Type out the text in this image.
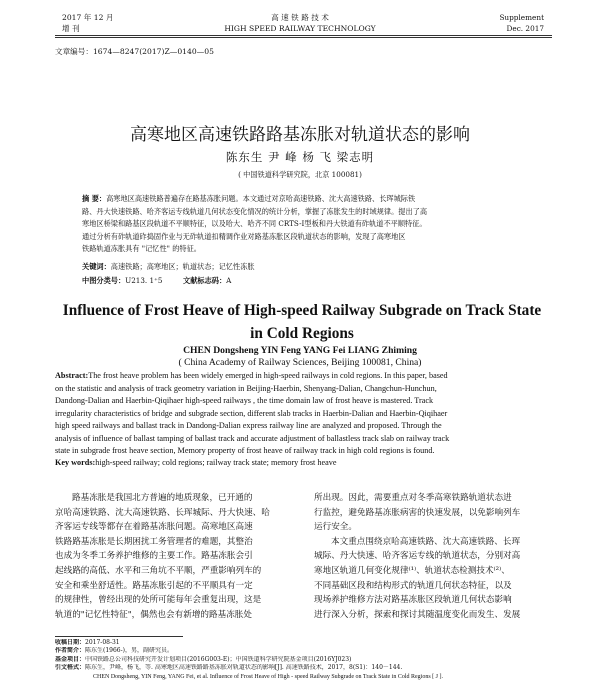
2017 年 12 月
增 刊
高 速 铁 路 技 术
HIGH SPEED RAILWAY TECHNOLOGY
Supplement
Dec. 2017
文章编号：1674—8247(2017)Z—0140—05
高寒地区高速铁路路基冻胀对轨道状态的影响
陈东生 尹 峰 杨 飞 梁志明
( 中国铁道科学研究院，北京 100081)
摘 要：高寒地区高速铁路普遍存在路基冻胀问题。本文通过对京哈高速铁路、沈大高速铁路、长珲城际铁
路、丹大快速铁路、哈齐客运专线轨道几何状态变化情况的统计分析，掌握了冻胀发生的时域规律。提出了高
寒地区桥梁和路基区段轨道不平顺特征，以及哈大、哈齐不同 CRTS-Ⅰ型板和丹大铁道有砟轨道不平顺特征。
通过分析有砟轨道砟捣固作业与无砟轨道扣精调作业对路基冻胀区段轨道状态的影响，发现了高寒地区
铁路轨道冻胀具有 "记忆性" 的特征。
关键词：高速铁路；高寒地区；轨道状态；记忆性冻胀
中图分类号：U213. 1⁺5	文献标志码：A
Influence of Frost Heave of High-speed Railway Subgrade on Track State in Cold Regions
CHEN Dongsheng YIN Feng YANG Fei LIANG Zhiming
( China Academy of Railway Sciences, Beijing 100081, China)
Abstract:The frost heave problem has been widely emerged in high-speed railways in cold regions. In this paper, based
on the statistic and analysis of track geometry variation in Beijing-Haerbin, Shenyang-Dalian, Changchun-Hunchun,
Dandong-Dalian and Haerbin-Qiqihaer high-speed railways , the time domain law of frost heave is mastered. Track
irregularity characteristics of bridge and subgrade section, different slab tracks in Haerbin-Dalian and Haerbin-Qiqihaer
high speed railways and ballast track in Dandong-Dalian express railway line are analyzed and proposed. Through the
analysis of influence of ballast tamping of ballast track and accurate adjustment of ballastless track slab on railway track
state in subgrade frost heave section, Memory property of frost heave of railway track in high cold regions is found.
Key words:high-speed railway; cold regions; railway track state; memory frost heave

路基冻胀是我国北方普遍的地质现象，已开通的
京哈高速铁路、沈大高速铁路、长珲城际、丹大快速、哈
齐客运专线等都存在着路基冻胀问题。高寒地区高速
铁路路基冻胀是长期困扰工务管理者的难题，其整治
也成为冬季工务养护维修的主要工作。路基冻胀会引
起线路的高低、水平和三角坑不平顺，严重影响列车的
安全和乘坐舒适性。路基冻胀引起的不平顺具有一定
的规律性，曾经出现的处所可能每年会重复出现，这是
轨道的"记忆性特征"，偶然也会有新增的路基冻胀处

所出现。因此，需要重点对冬季高寒铁路轨道状态进
行监控，避免路基冻胀病害的快速发展，以免影响列车
运行安全。

本文重点围绕京哈高速铁路、沈大高速铁路、长珲
城际、丹大快速、哈齐客运专线的轨道状态，分别对高
寒地区轨道几何变化规律⁽¹⁾、轨道状态检测技术⁽²⁾、
不同基础区段和结构形式的轨道几何状态特征，以及
现场养护维修方法对路基冻胀区段轨道几何状态影响
进行深入分析，探索和探讨其随温度变化而发生、发展

收稿日期：2017-08-31
作者简介：陈东生(1966-)，男，副研究员。
基金项目：中国铁路总公司科技研究开发计划项目(2016G003-E)；中国铁道科学研究院基金项目(2016YJ023)
引文格式：陈东生，尹峰，杨飞，等. 高寒地区高速铁路路基冻胀对轨道状态的影响[J]. 高速铁路技术，2017，8(S1)：140－144.
CHEN Dongsheng, YIN Feng, YANG Fei, et al. Influence of Frost Heave of High - speed Railway Subgrade on Track State in Cold Regions [ J ].
